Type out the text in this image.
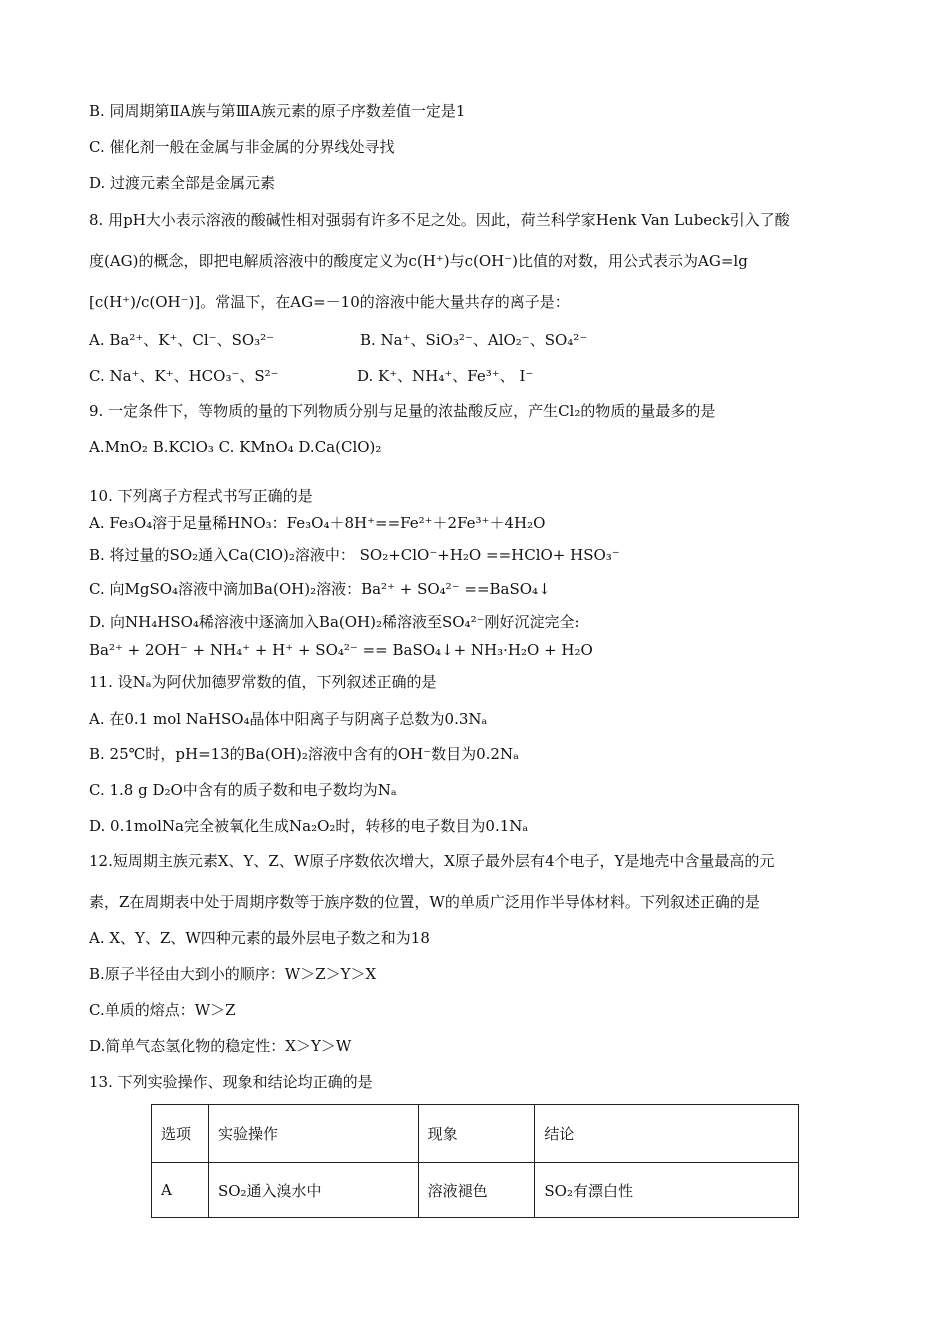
B. 同周期第ⅡA族与第ⅢA族元素的原子序数差值一定是1
C. 催化剂一般在金属与非金属的分界线处寻找
D. 过渡元素全部是金属元素
8. 用pH大小表示溶液的酸碱性相对强弱有许多不足之处。因此，荷兰科学家Henk Van Lubeck引入了酸
度(AG)的概念，即把电解质溶液中的酸度定义为c(H⁺)与c(OH⁻)比值的对数，用公式表示为AG=lg
[c(H⁺)/c(OH⁻)]。常温下，在AG=－10的溶液中能大量共存的离子是：
A. Ba²⁺、K⁺、Cl⁻、SO₃²⁻	B. Na⁺、SiO₃²⁻、AlO₂⁻、SO₄²⁻
C. Na⁺、K⁺、HCO₃⁻、S²⁻	D. K⁺、NH₄⁺、Fe³⁺、 I⁻
9. 一定条件下，等物质的量的下列物质分别与足量的浓盐酸反应，产生Cl₂的物质的量最多的是
A.MnO₂ B.KClO₃ C. KMnO₄ D.Ca(ClO)₂
10. 下列离子方程式书写正确的是
A. Fe₃O₄溶于足量稀HNO₃：Fe₃O₄＋8H⁺==Fe²⁺＋2Fe³⁺＋4H₂O
B. 将过量的SO₂通入Ca(ClO)₂溶液中： SO₂+ClO⁻+H₂O ==HClO+ HSO₃⁻
C. 向MgSO₄溶液中滴加Ba(OH)₂溶液：Ba²⁺ + SO₄²⁻ ==BaSO₄↓
D. 向NH₄HSO₄稀溶液中逐滴加入Ba(OH)₂稀溶液至SO₄²⁻刚好沉淀完全:
Ba²⁺ + 2OH⁻ + NH₄⁺ + H⁺ + SO₄²⁻ == BaSO₄↓+ NH₃·H₂O + H₂O
11. 设Nₐ为阿伏加德罗常数的值，下列叙述正确的是
A. 在0.1 mol NaHSO₄晶体中阳离子与阴离子总数为0.3Nₐ
B. 25℃时，pH=13的Ba(OH)₂溶液中含有的OH⁻数目为0.2Nₐ
C. 1.8 g D₂O中含有的质子数和电子数均为Nₐ
D. 0.1molNa完全被氧化生成Na₂O₂时，转移的电子数目为0.1Nₐ
12.短周期主族元素X、Y、Z、W原子序数依次增大，X原子最外层有4个电子，Y是地壳中含量最高的元
素，Z在周期表中处于周期序数等于族序数的位置，W的单质广泛用作半导体材料。下列叙述正确的是
A. X、Y、Z、W四种元素的最外层电子数之和为18
B.原子半径由大到小的顺序：W＞Z＞Y＞X
C.单质的熔点：W＞Z
D.简单气态氢化物的稳定性：X＞Y＞W
13. 下列实验操作、现象和结论均正确的是
选项	实验操作	现象	结论
A	SO₂通入溴水中	溶液褪色	SO₂有漂白性
